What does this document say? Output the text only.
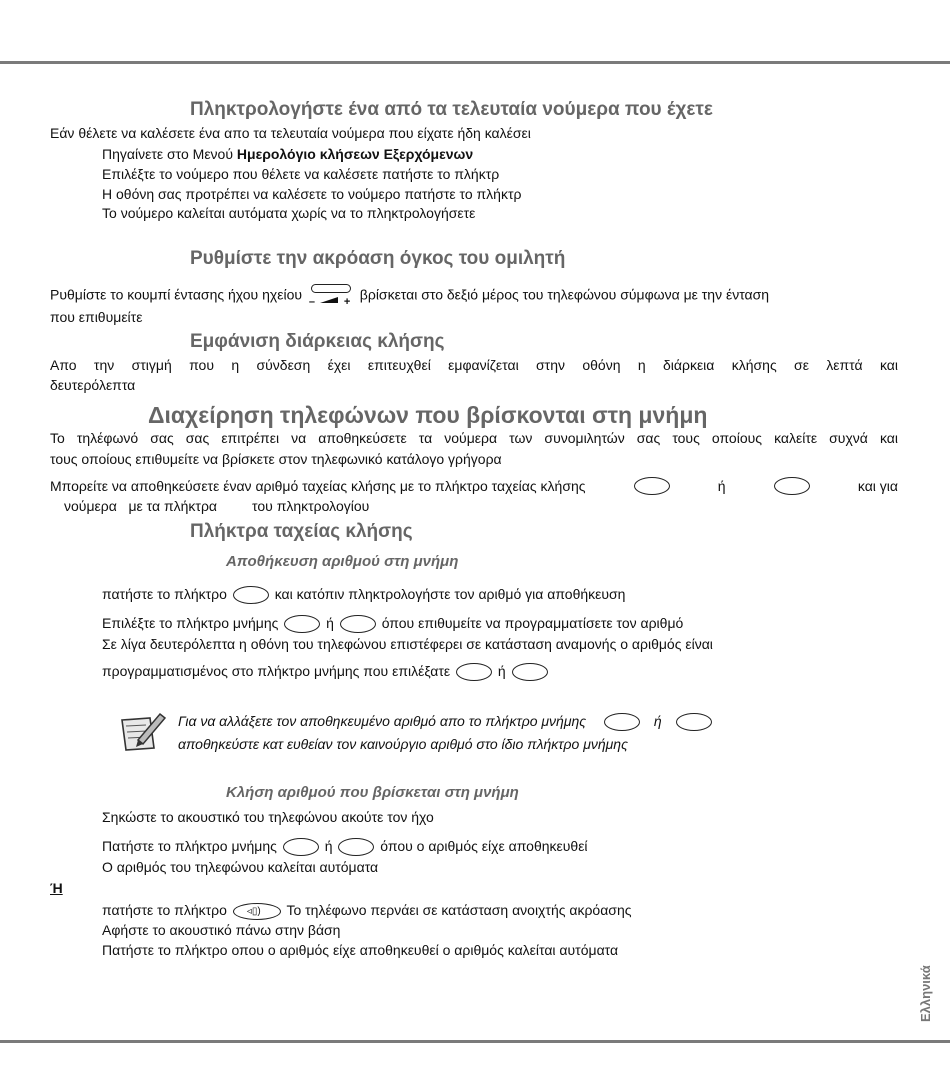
Πληκτρολογήστε ένα από τα τελευταία νούμερα που έχετε
Εάν θέλετε να καλέσετε ένα απο τα τελευταία νούμερα που είχατε ήδη καλέσει
Πηγαίνετε στο Μενού Ημερολόγιο κλήσεων Εξερχόμενων
Επιλέξτε το νούμερο που θέλετε να καλέσετε πατήστε το πλήκτρ
Η οθόνη σας προτρέπει να καλέσετε το νούμερο πατήστε το πλήκτρ
Το νούμερο καλείται αυτόματα χωρίς να το πληκτρολογήσετε
Ρυθμίστε την ακρόαση όγκος του ομιλητή
Ρυθμίστε το κουμπί έντασης ήχου ηχείου –	+ βρίσκεται στο δεξιό μέρος του τηλεφώνου σύμφωνα με την ένταση
που επιθυμείτε
Εμφάνιση διάρκειας κλήσης
Απο την στιγμή που η σύνδεση έχει επιτευχθεί εμφανίζεται στην οθόνη η διάρκεια κλήσης σε λεπτά και
δευτερόλεπτα
Διαχείρηση τηλεφώνων που βρίσκονται στη μνήμη
Το τηλέφωνό σας σας επιτρέπει να αποθηκεύσετε τα νούμερα των συνομιλητών σας τους οποίους καλείτε συχνά και
τους οποίους επιθυμείτε να βρίσκετε στον τηλεφωνικό κατάλογο γρήγορα
Μπορείτε να αποθηκεύσετε έναν αριθμό ταχείας κλήσης με το πλήκτρο ταχείας κλήσης	ή	και για
νούμερα   με τα πλήκτρα         του πληκτρολογίου
Πλήκτρα ταχείας κλήσης
Αποθήκευση αριθμού στη μνήμη
πατήστε το πλήκτρο	και κατόπιν πληκτρολογήστε τον αριθμό για αποθήκευση
Επιλέξτε το πλήκτρο μνήμης	ή	όπου επιθυμείτε να προγραμματίσετε τον αριθμό
Σε λίγα δευτερόλεπτα η οθόνη του τηλεφώνου επιστέφερει σε κατάσταση αναμονής ο αριθμός είναι
προγραμματισμένος στο πλήκτρο μνήμης που επιλέξατε	ή
Για να αλλάξετε τον αποθηκευμένο αριθμό απο το πλήκτρο μνήμης	ή
αποθηκεύστε κατ ευθείαν τον καινούργιο αριθμό στο ίδιο πλήκτρο μνήμης
Κλήση αριθμού που βρίσκεται στη μνήμη
Σηκώστε το ακουστικό του τηλεφώνου ακούτε τον ήχο
Πατήστε το πλήκτρο μνήμης	ή	όπου ο αριθμός είχε αποθηκευθεί
Ο αριθμός του τηλεφώνου καλείται αυτόματα
Ή
πατήστε το πλήκτρο ◃▯) Το τηλέφωνο περνάει σε κατάσταση ανοιχτής ακρόασης
Αφήστε το ακουστικό πάνω στην βάση
Πατήστε το πλήκτρο οπου ο αριθμός είχε αποθηκευθεί ο αριθμός καλείται αυτόματα
Ελληνικά
